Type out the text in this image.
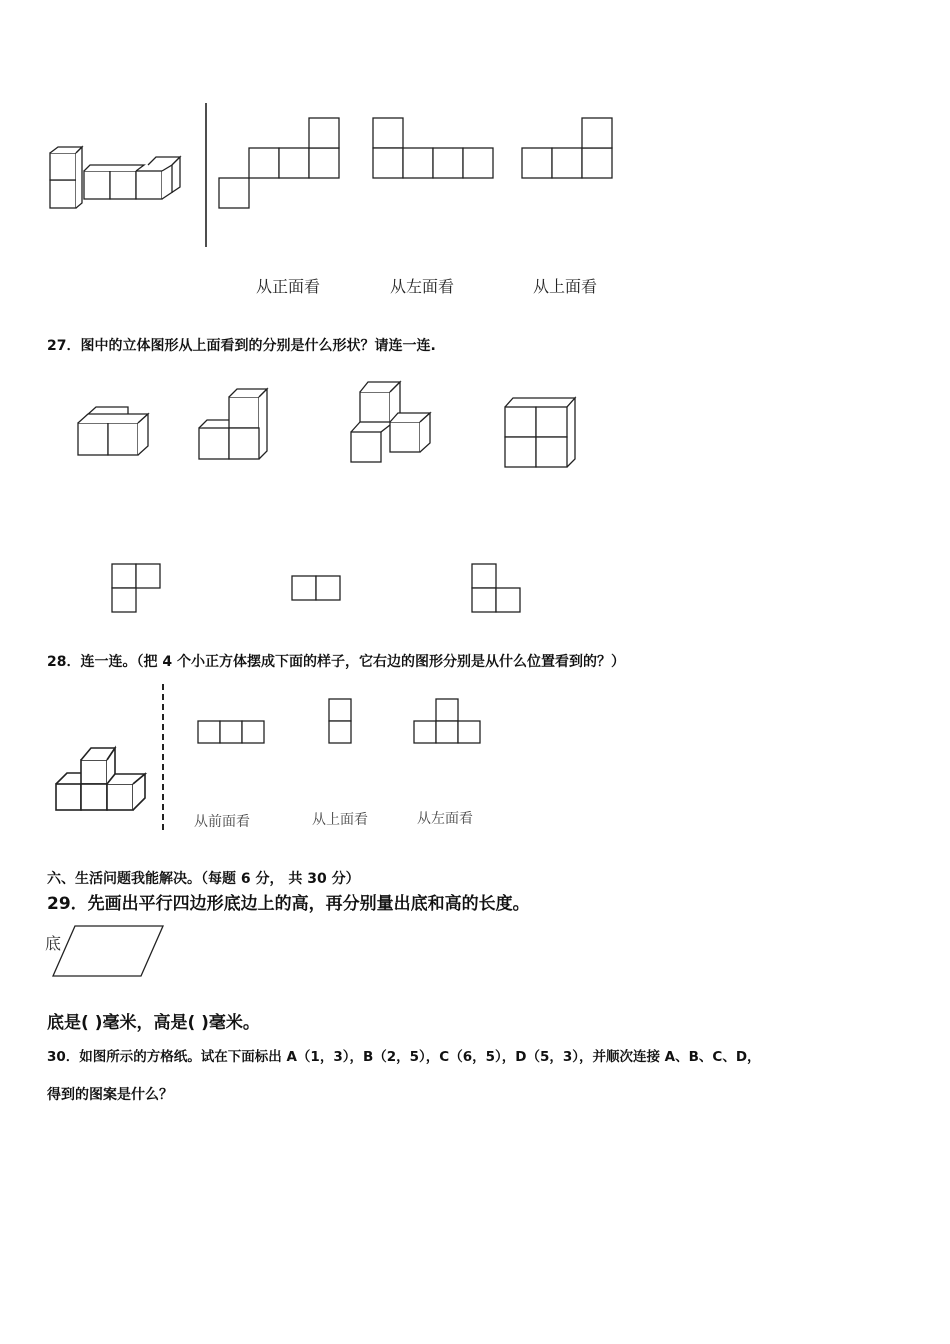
从正面看	从左面看	从上面看
27．图中的立体图形从上面看到的分别是什么形状？请连一连.
28．连一连。（把 4 个小正方体摆成下面的样子，它右边的图形分别是从什么位置看到的？）
从前面看	从上面看	从左面看
六、生活问题我能解决。（每题 6 分， 共 30 分）
29．先画出平行四边形底边上的高，再分别量出底和高的长度。
底
底是( )毫米，高是( )毫米。
30．如图所示的方格纸。试在下面标出 A（1，3），B（2，5），C（6，5），D（5，3），并顺次连接 A、B、C、D，
得到的图案是什么？
